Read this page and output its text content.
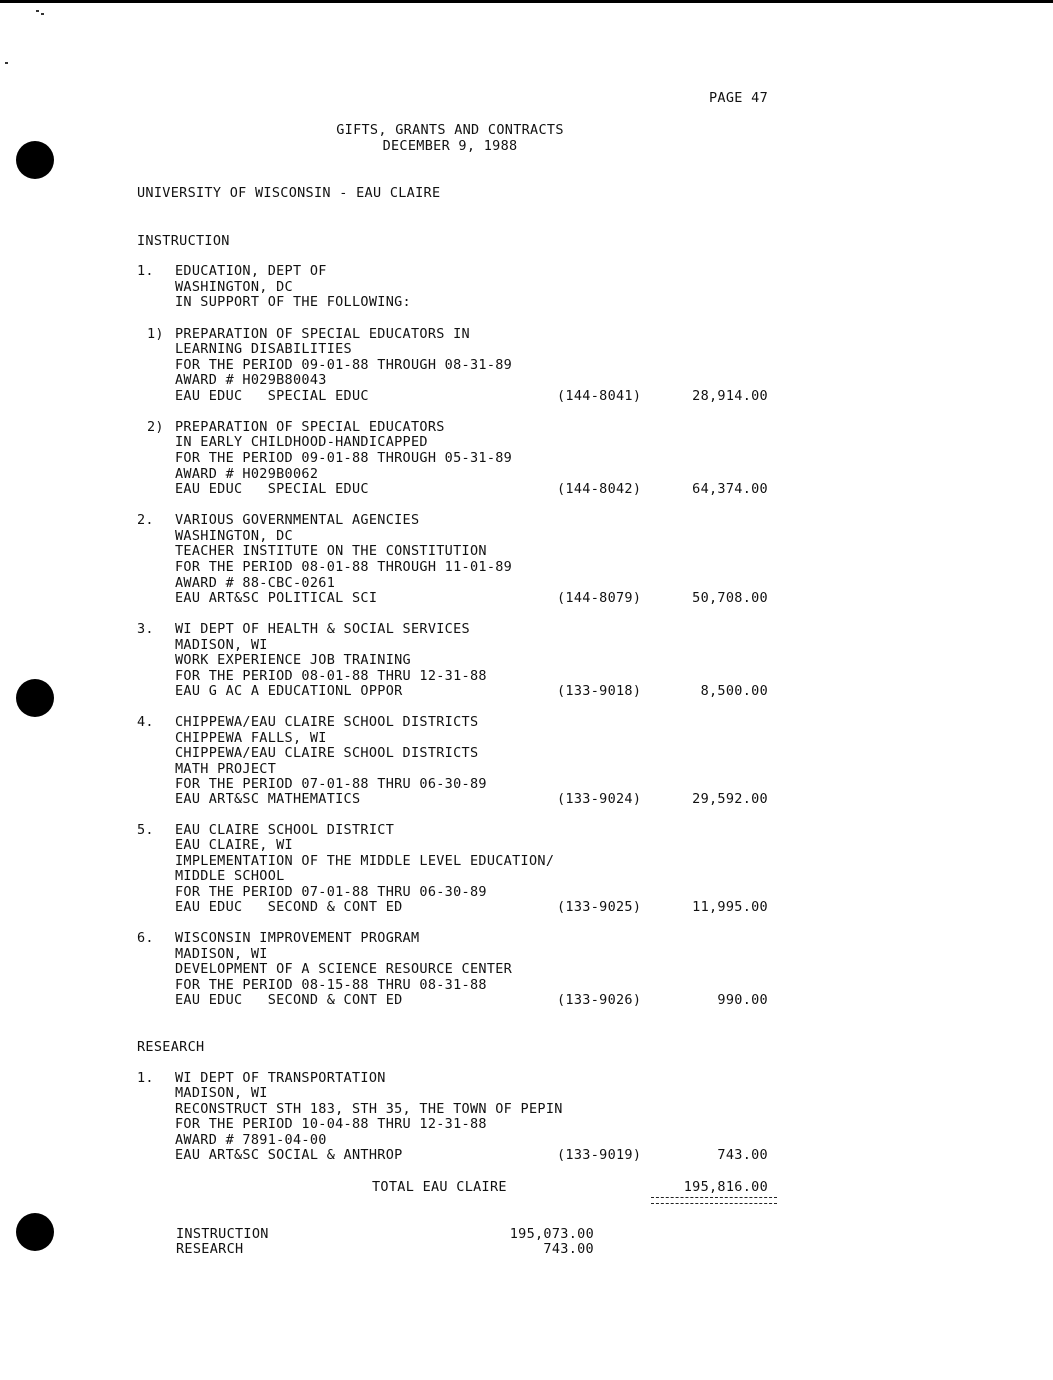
PAGE 47
GIFTS, GRANTS AND CONTRACTS
DECEMBER 9, 1988
UNIVERSITY OF WISCONSIN - EAU CLAIRE
INSTRUCTION
1. EDUCATION, DEPT OF
WASHINGTON, DC
IN SUPPORT OF THE FOLLOWING:
1) PREPARATION OF SPECIAL EDUCATORS IN
LEARNING DISABILITIES
FOR THE PERIOD 09-01-88 THROUGH 08-31-89
AWARD # H029B80043
EAU EDUC   SPECIAL EDUC	(144-8041)	28,914.00
2) PREPARATION OF SPECIAL EDUCATORS
IN EARLY CHILDHOOD-HANDICAPPED
FOR THE PERIOD 09-01-88 THROUGH 05-31-89
AWARD # H029B0062
EAU EDUC   SPECIAL EDUC	(144-8042)	64,374.00
2. VARIOUS GOVERNMENTAL AGENCIES
WASHINGTON, DC
TEACHER INSTITUTE ON THE CONSTITUTION
FOR THE PERIOD 08-01-88 THROUGH 11-01-89
AWARD # 88-CBC-0261
EAU ART&SC POLITICAL SCI	(144-8079)	50,708.00
3. WI DEPT OF HEALTH & SOCIAL SERVICES
MADISON, WI
WORK EXPERIENCE JOB TRAINING
FOR THE PERIOD 08-01-88 THRU 12-31-88
EAU G AC A EDUCATIONL OPPOR	(133-9018)	8,500.00
4. CHIPPEWA/EAU CLAIRE SCHOOL DISTRICTS
CHIPPEWA FALLS, WI
CHIPPEWA/EAU CLAIRE SCHOOL DISTRICTS
MATH PROJECT
FOR THE PERIOD 07-01-88 THRU 06-30-89
EAU ART&SC MATHEMATICS	(133-9024)	29,592.00
5. EAU CLAIRE SCHOOL DISTRICT
EAU CLAIRE, WI
IMPLEMENTATION OF THE MIDDLE LEVEL EDUCATION/
MIDDLE SCHOOL
FOR THE PERIOD 07-01-88 THRU 06-30-89
EAU EDUC   SECOND & CONT ED	(133-9025)	11,995.00
6. WISCONSIN IMPROVEMENT PROGRAM
MADISON, WI
DEVELOPMENT OF A SCIENCE RESOURCE CENTER
FOR THE PERIOD 08-15-88 THRU 08-31-88
EAU EDUC   SECOND & CONT ED	(133-9026)	990.00
RESEARCH
1. WI DEPT OF TRANSPORTATION
MADISON, WI
RECONSTRUCT STH 183, STH 35, THE TOWN OF PEPIN
FOR THE PERIOD 10-04-88 THRU 12-31-88
AWARD # 7891-04-00
EAU ART&SC SOCIAL & ANTHROP	(133-9019)	743.00
TOTAL EAU CLAIRE	195,816.00
INSTRUCTION	195,073.00
RESEARCH	743.00
